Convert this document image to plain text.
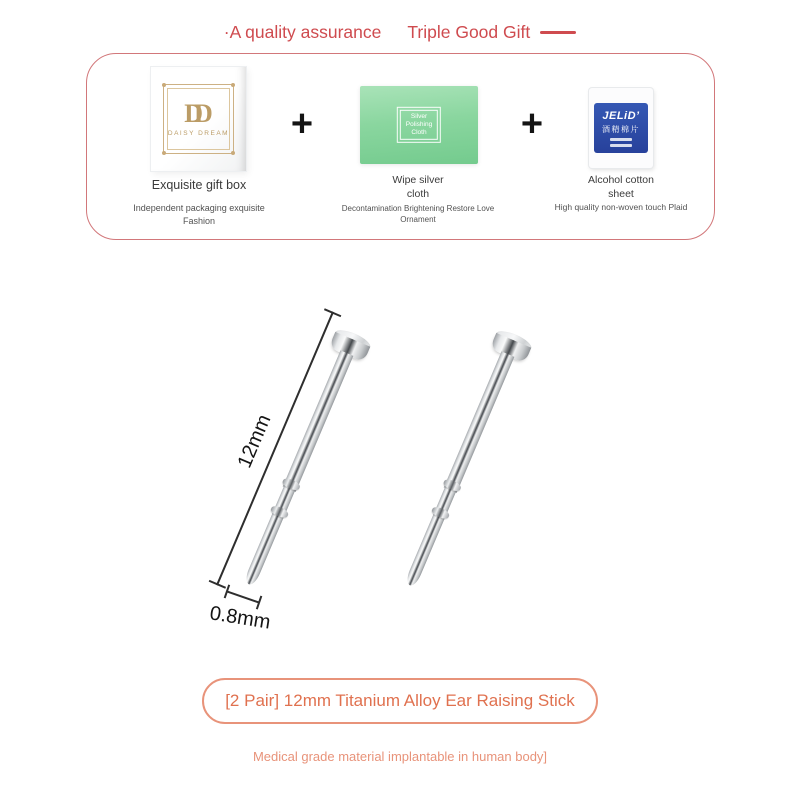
·A quality assurance Triple Good Gift
DD
DAISY DREAM +	Silver
Polishing
Cloth +	JELiD’
酒精棉片
Exquisite gift box	Wipe silver
cloth
Alcohol cotton
sheet
Independent packaging exquisite Fashion
Decontamination Brightening Restore Love Ornament
High quality non-woven touch Plaid
12mm
0.8mm
[2 Pair] 12mm Titanium Alloy Ear Raising Stick
Medical grade material implantable in human body]
